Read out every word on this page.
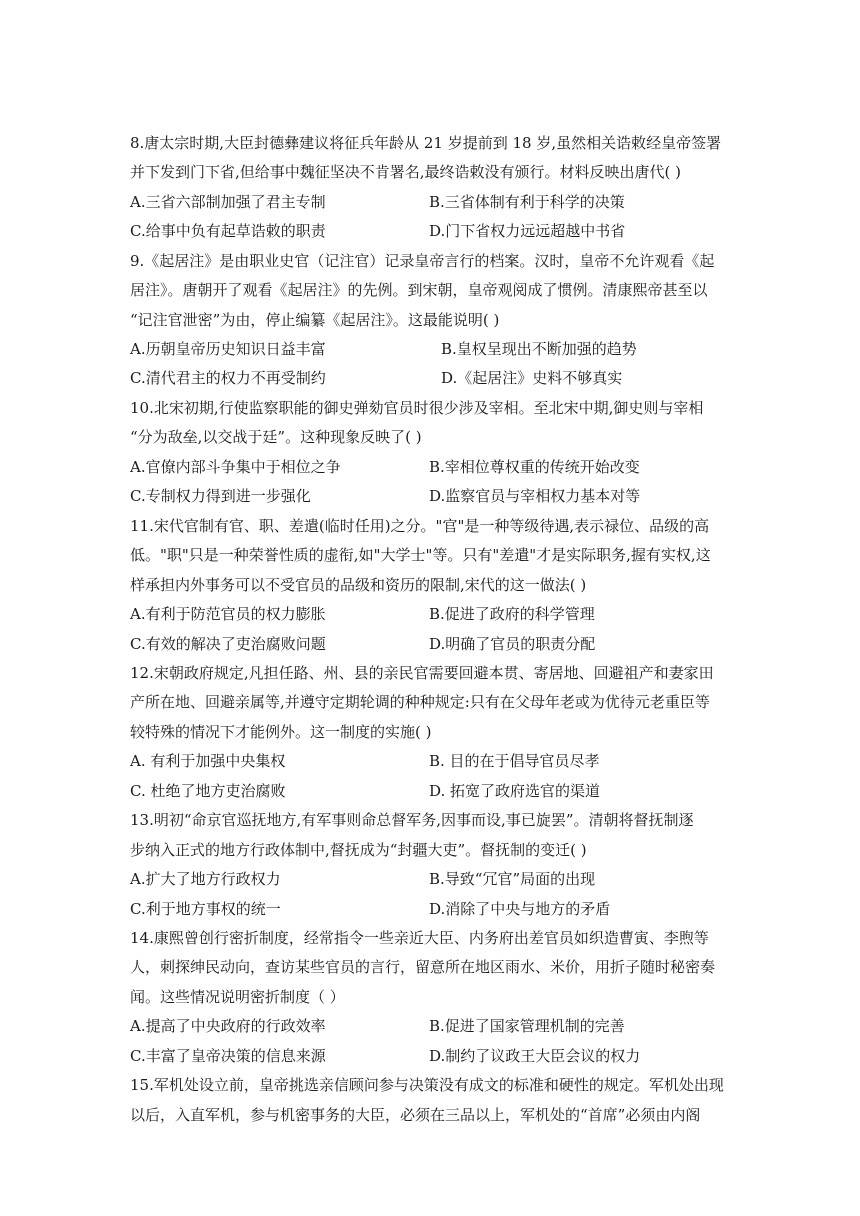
8.唐太宗时期,大臣封德彝建议将征兵年龄从 21 岁提前到 18 岁,虽然相关诰敕经皇帝签署
并下发到门下省,但给事中魏征坚决不肯署名,最终诰敕没有颁行。材料反映出唐代( )
A.三省六部制加强了君主专制	B.三省体制有利于科学的决策
C.给事中负有起草诰敕的职责	D.门下省权力远远超越中书省
9.《起居注》是由职业史官（记注官）记录皇帝言行的档案。汉时，皇帝不允许观看《起
居注》。唐朝开了观看《起居注》的先例。到宋朝，皇帝观阅成了惯例。清康熙帝甚至以
“记注官泄密”为由，停止编纂《起居注》。这最能说明( )
A.历朝皇帝历史知识日益丰富	B.皇权呈现出不断加强的趋势
C.清代君主的权力不再受制约	D.《起居注》史料不够真实
10.北宋初期,行使监察职能的御史弹劾官员时很少涉及宰相。至北宋中期,御史则与宰相
“分为敌垒,以交战于廷”。这种现象反映了( )
A.官僚内部斗争集中于相位之争	B.宰相位尊权重的传统开始改变
C.专制权力得到进一步强化	D.监察官员与宰相权力基本对等
11.宋代官制有官、职、差遣(临时任用)之分。"官"是一种等级待遇,表示禄位、品级的高
低。"职"只是一种荣誉性质的虚衔,如"大学士"等。只有"差遣"才是实际职务,握有实权,这
样承担内外事务可以不受官员的品级和资历的限制,宋代的这一做法( )
A.有利于防范官员的权力膨胀	B.促进了政府的科学管理
C.有效的解决了吏治腐败问题	D.明确了官员的职责分配
12.宋朝政府规定,凡担任路、州、县的亲民官需要回避本贯、寄居地、回避祖产和妻家田
产所在地、回避亲属等,并遵守定期轮调的种种规定:只有在父母年老或为优待元老重臣等
较特殊的情况下才能例外。这一制度的实施( )
A. 有利于加强中央集权	B. 目的在于倡导官员尽孝
C. 杜绝了地方吏治腐败	D. 拓宽了政府选官的渠道
13.明初“命京官巡抚地方,有军事则命总督军务,因事而设,事已旋罢”。清朝将督抚制逐
步纳入正式的地方行政体制中,督抚成为“封疆大吏”。督抚制的变迁( )
A.扩大了地方行政权力	B.导致“冗官”局面的出现
C.利于地方事权的统一	D.消除了中央与地方的矛盾
14.康熙曾创行密折制度，经常指令一些亲近大臣、内务府出差官员如织造曹寅、李煦等
人，刺探绅民动向，查访某些官员的言行，留意所在地区雨水、米价，用折子随时秘密奏
闻。这些情况说明密折制度（ ）
A.提高了中央政府的行政效率	B.促进了国家管理机制的完善
C.丰富了皇帝决策的信息来源	D.制约了议政王大臣会议的权力
15.军机处设立前，皇帝挑选亲信顾问参与决策没有成文的标准和硬性的规定。军机处出现
以后，入直军机，参与机密事务的大臣，必须在三品以上，军机处的“首席”必须由内阁
